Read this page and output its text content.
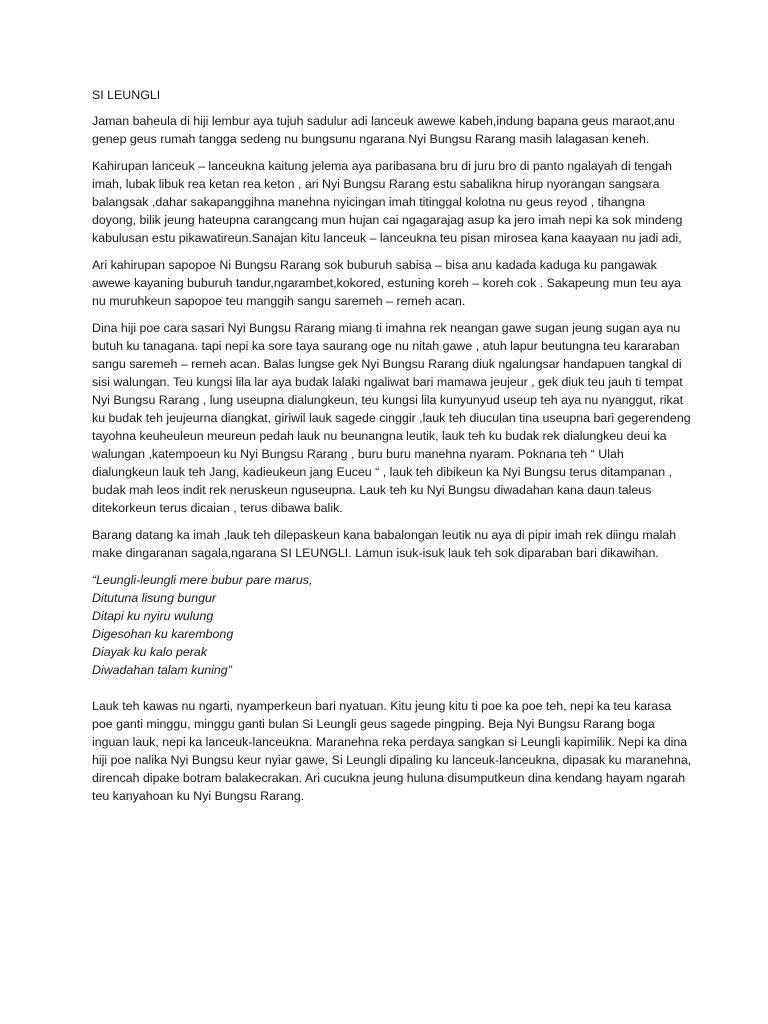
SI LEUNGLI

Jaman baheula di hiji lembur aya tujuh sadulur adi lanceuk awewe kabeh,indung bapana geus maraot,anu genep geus rumah tangga sedeng nu bungsunu ngarana Nyi Bungsu Rarang masih lalagasan keneh.

Kahirupan lanceuk – lanceukna kaitung jelema aya paribasana bru di juru bro di panto ngalayah di tengah imah, lubak libuk rea ketan rea keton , ari Nyi Bungsu Rarang estu sabalikna hirup nyorangan sangsara balangsak ,dahar sakapanggihna manehna nyicingan imah titinggal kolotna nu geus reyod , tihangna doyong, bilik jeung hateupna carangcang mun hujan cai ngagarajag asup ka jero imah nepi ka sok mindeng kabulusan estu pikawatireun.Sanajan kitu lanceuk – lanceukna teu pisan mirosea kana kaayaan nu jadi adi,

Ari kahirupan sapopoe Ni Bungsu Rarang sok buburuh sabisa – bisa anu kadada kaduga ku pangawak awewe kayaning buburuh tandur,ngarambet,kokored, estuning koreh – koreh cok . Sakapeung mun teu aya nu muruhkeun sapopoe teu manggih sangu saremeh – remeh acan.

Dina hiji poe cara sasari Nyi Bungsu Rarang miang ti imahna rek neangan gawe sugan jeung sugan aya nu butuh ku tanagana. tapi nepi ka sore taya saurang oge nu nitah gawe , atuh lapur beutungna teu kararaban sangu saremeh – remeh acan. Balas lungse gek Nyi Bungsu Rarang diuk ngalungsar handapuen tangkal di sisi walungan. Teu kungsi lila lar aya budak lalaki ngaliwat bari mamawa jeujeur , gek diuk teu jauh ti tempat Nyi Bungsu Rarang , lung useupna dialungkeun, teu kungsi lila kunyunyud useup teh aya nu nyanggut, rikat ku budak teh jeujeurna diangkat, giriwil lauk sagede cinggir ,lauk teh diuculan tina useupna bari gegerendeng tayohna keuheuleun meureun pedah lauk nu beunangna leutik, lauk teh ku budak rek dialungkeu deui ka walungan ,katempoeun ku Nyi Bungsu Rarang , buru buru manehna nyaram. Poknana teh “ Ulah dialungkeun lauk teh Jang, kadieukeun jang Euceu “ , lauk teh dibikeun ka Nyi Bungsu terus ditampanan , budak mah leos indit rek neruskeun nguseupna. Lauk teh ku Nyi Bungsu diwadahan kana daun taleus ditekorkeun terus dicaian , terus dibawa balik.

Barang datang ka imah ,lauk teh dilepaskeun kana babalongan leutik nu aya di pipir imah rek diingu malah make dingaranan sagala,ngarana SI LEUNGLI. Lamun isuk-isuk lauk teh sok diparaban bari dikawihan.

“Leungli-leungli mere bubur pare marus,
Ditutuna lisung bungur
Ditapi ku nyiru wulung
Digesohan ku karembong
Diayak ku kalo perak
Diwadahan talam kuning”

Lauk teh kawas nu ngarti, nyamperkeun bari nyatuan. Kitu jeung kitu ti poe ka poe teh, nepi ka teu karasa poe ganti minggu, minggu ganti bulan Si Leungli geus sagede pingping. Beja Nyi Bungsu Rarang boga inguan lauk, nepi ka lanceuk-lanceukna. Maranehna reka perdaya sangkan si Leungli kapimilik. Nepi ka dina hiji poe nalika Nyi Bungsu keur nyiar gawe, Si Leungli dipaling ku lanceuk-lanceukna, dipasak ku maranehna, direncah dipake botram balakecrakan. Ari cucukna jeung huluna disumputkeun dina kendang hayam ngarah teu kanyahoan ku Nyi Bungsu Rarang.
